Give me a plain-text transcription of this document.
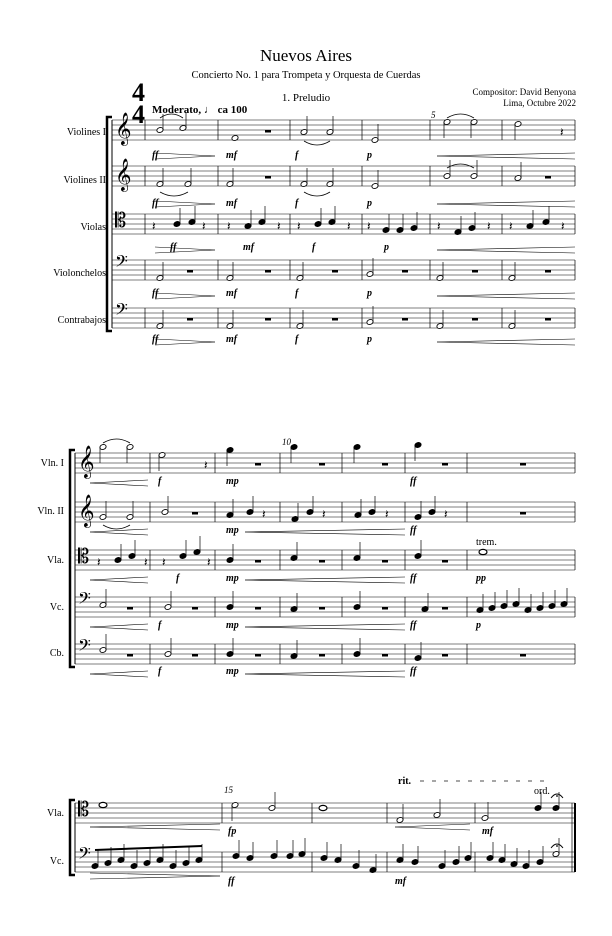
Nuevos Aires
Concierto No. 1 para Trompeta y Orquesta de Cuerdas
1. Preludio	Compositor: David Benyona
Lima, Octubre 2022
Moderato, ♩ ca 100
Violines I
Violines II
Violas
Violonchelos
Contrabajos
Vln. I
Vln. II
Vla.
Vc.
Cb.
Vla.
Vc.
5
10
15
ff	mf	f	p
ff	mf	f	p
ff	mf	f	p
ff	mf	f	p
ff	mf	f	p
f	mp	ff
mp	ff
f	mp	ff	pp
f	mp	ff	p
f	mp	ff
trem.
fp	mf
ff	mf
rit.
ord.
4
4
𝄞
𝄞
𝄡
𝄢
𝄢
𝄽
𝄽	𝄽 𝄽	𝄽 𝄽	𝄽 𝄽	𝄽	𝄽 𝄽	𝄽
𝄞
𝄞
𝄡
𝄢
𝄢
𝄽
𝄽	𝄽	𝄽	𝄽
𝄽	𝄽 𝄽	𝄽
𝄡
𝄢
